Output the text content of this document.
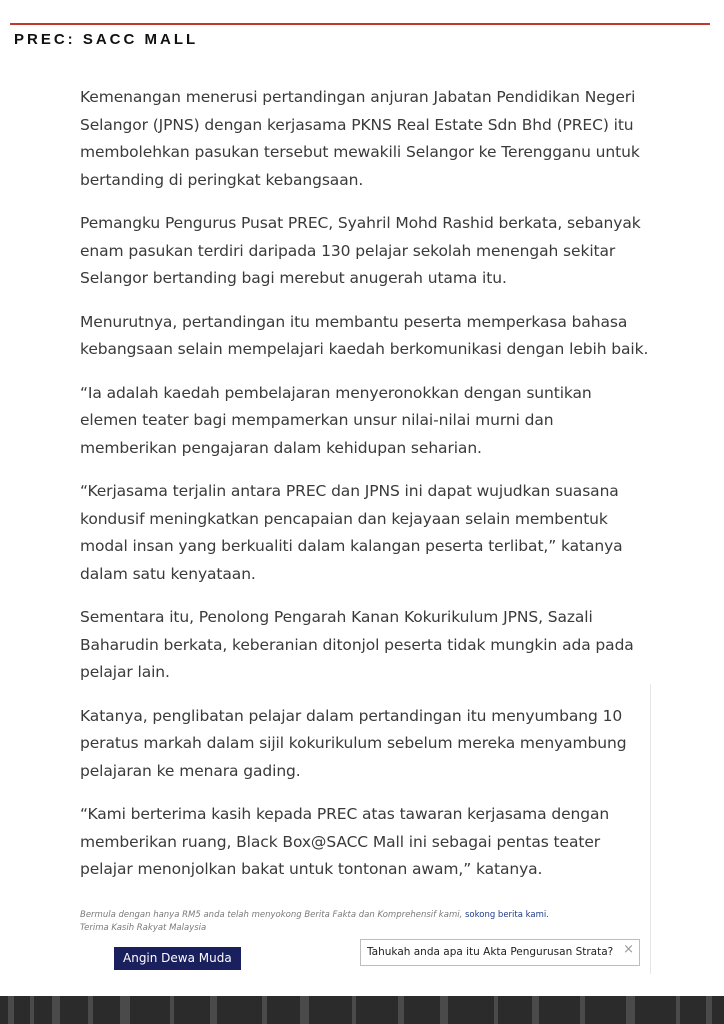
PREC: SACC MALL

Kemenangan menerusi pertandingan anjuran Jabatan Pendidikan Negeri Selangor (JPNS) dengan kerjasama PKNS Real Estate Sdn Bhd (PREC) itu membolehkan pasukan tersebut mewakili Selangor ke Terengganu untuk bertanding di peringkat kebangsaan.

Pemangku Pengurus Pusat PREC, Syahril Mohd Rashid berkata, sebanyak enam pasukan terdiri daripada 130 pelajar sekolah menengah sekitar Selangor bertanding bagi merebut anugerah utama itu.

Menurutnya, pertandingan itu membantu peserta memperkasa bahasa kebangsaan selain mempelajari kaedah berkomunikasi dengan lebih baik.

“Ia adalah kaedah pembelajaran menyeronokkan dengan suntikan elemen teater bagi mempamerkan unsur nilai-nilai murni dan memberikan pengajaran dalam kehidupan seharian.

“Kerjasama terjalin antara PREC dan JPNS ini dapat wujudkan suasana kondusif meningkatkan pencapaian dan kejayaan selain membentuk modal insan yang berkualiti dalam kalangan peserta terlibat,” katanya dalam satu kenyataan.

Sementara itu, Penolong Pengarah Kanan Kokurikulum JPNS, Sazali Baharudin berkata, keberanian ditonjol peserta tidak mungkin ada pada pelajar lain.

Katanya, penglibatan pelajar dalam pertandingan itu menyumbang 10 peratus markah dalam sijil kokurikulum sebelum mereka menyambung pelajaran ke menara gading.

“Kami berterima kasih kepada PREC atas tawaran kerjasama dengan memberikan ruang, Black Box@SACC Mall ini sebagai pentas teater pelajar menonjolkan bakat untuk tontonan awam,” katanya.

Bermula dengan hanya RM5 anda telah menyokong Berita Fakta dan Komprehensif kami, sokong berita kami.
Terima Kasih Rakyat Malaysia
Angin Dewa Muda	Tahukah anda apa itu Akta Pengurusan Strata? ×
